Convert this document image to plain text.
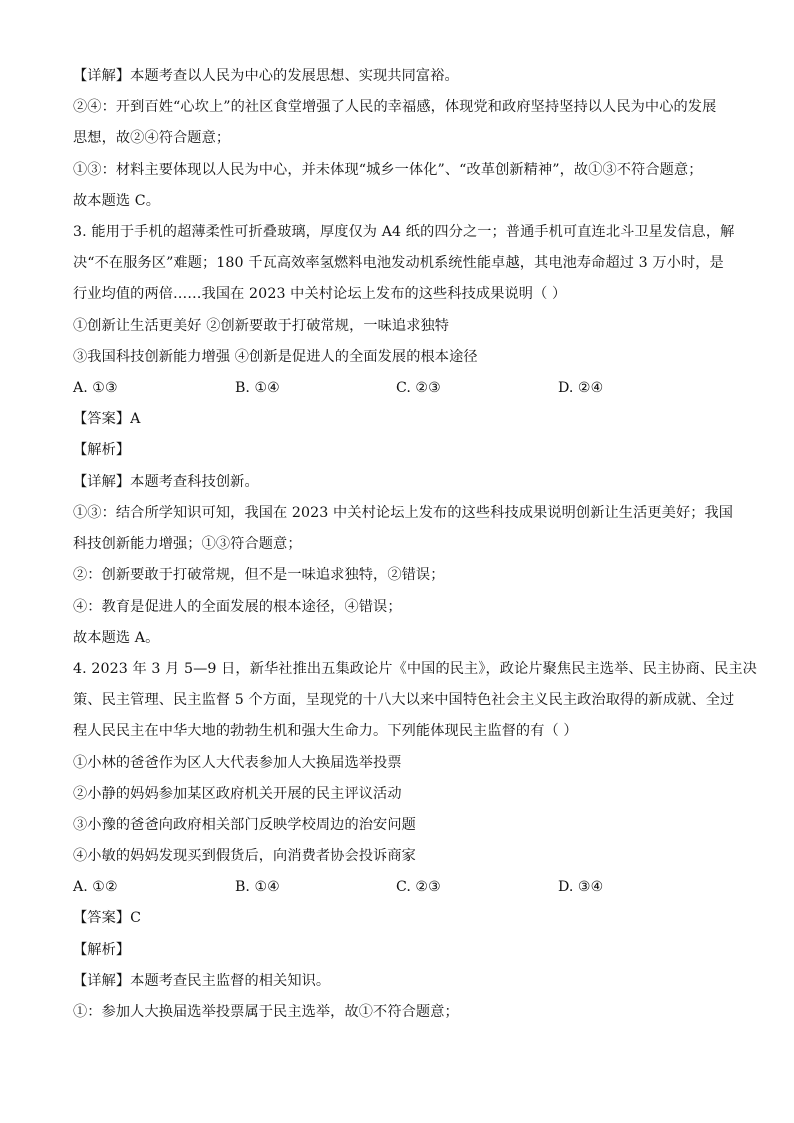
【详解】本题考查以人民为中心的发展思想、实现共同富裕。
②④：开到百姓“心坎上”的社区食堂增强了人民的幸福感，体现党和政府坚持坚持以人民为中心的发展
思想，故②④符合题意；
①③：材料主要体现以人民为中心，并未体现“城乡一体化”、“改革创新精神”，故①③不符合题意；
故本题选 C。
3. 能用于手机的超薄柔性可折叠玻璃，厚度仅为 A4 纸的四分之一；普通手机可直连北斗卫星发信息，解
决“不在服务区”难题；180 千瓦高效率氢燃料电池发动机系统性能卓越，其电池寿命超过 3 万小时，是
行业均值的两倍……我国在 2023 中关村论坛上发布的这些科技成果说明（ ）
①创新让生活更美好 ②创新要敢于打破常规，一味追求独特
③我国科技创新能力增强 ④创新是促进人的全面发展的根本途径
A. ①③	B. ①④	C. ②③	D. ②④
【答案】A
【解析】
【详解】本题考查科技创新。
①③：结合所学知识可知，我国在 2023 中关村论坛上发布的这些科技成果说明创新让生活更美好；我国
科技创新能力增强；①③符合题意；
②：创新要敢于打破常规，但不是一味追求独特，②错误；
④：教育是促进人的全面发展的根本途径，④错误；
故本题选 A。
4. 2023 年 3 月 5—9 日，新华社推出五集政论片《中国的民主》，政论片聚焦民主选举、民主协商、民主决
策、民主管理、民主监督 5 个方面，呈现党的十八大以来中国特色社会主义民主政治取得的新成就、全过
程人民民主在中华大地的勃勃生机和强大生命力。下列能体现民主监督的有（ ）
①小林的爸爸作为区人大代表参加人大换届选举投票
②小静的妈妈参加某区政府机关开展的民主评议活动
③小豫的爸爸向政府相关部门反映学校周边的治安问题
④小敏的妈妈发现买到假货后，向消费者协会投诉商家
A. ①②	B. ①④	C. ②③	D. ③④
【答案】C
【解析】
【详解】本题考查民主监督的相关知识。
①：参加人大换届选举投票属于民主选举，故①不符合题意；
